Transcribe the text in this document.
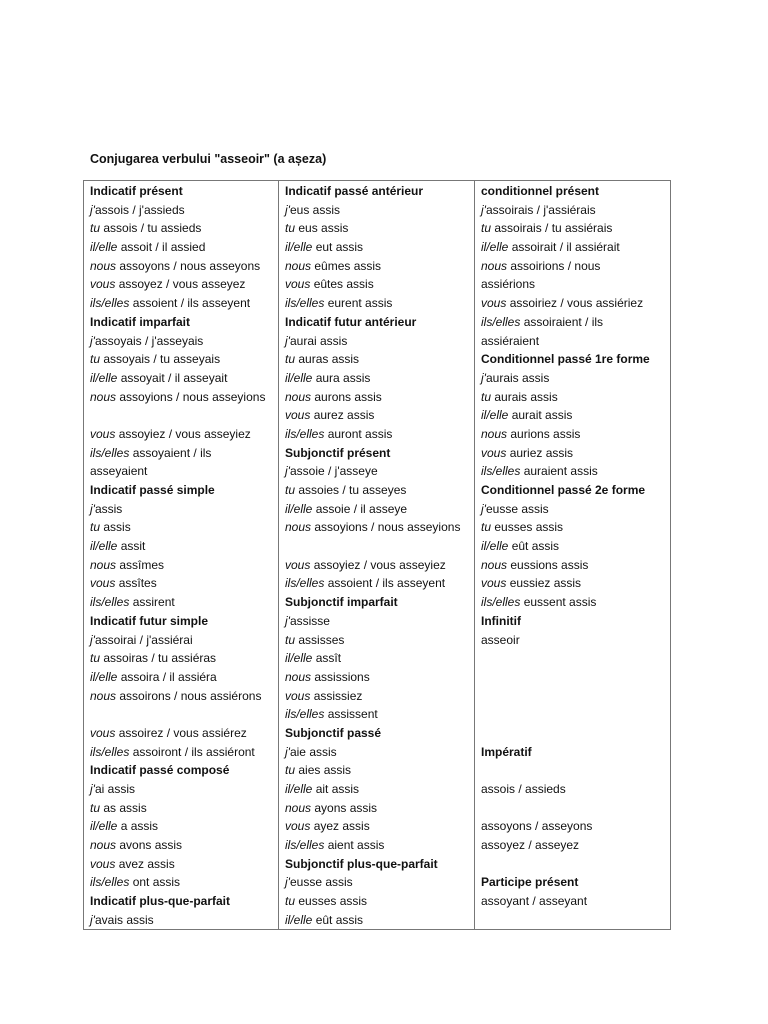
Conjugarea verbului "asseoir" (a așeza)
Indicatif présent
j'assois / j'assieds
tu assois / tu assieds
il/elle assoit / il assied
nous assoyons / nous asseyons
vous assoyez / vous asseyez
ils/elles assoient / ils asseyent
Indicatif imparfait
j'assoyais / j'asseyais
tu assoyais / tu asseyais
il/elle assoyait / il asseyait
nous assoyions / nous asseyions
vous assoyiez / vous asseyiez
ils/elles assoyaient / ils
asseyaient
Indicatif passé simple
j'assis
tu assis
il/elle assit
nous assîmes
vous assîtes
ils/elles assirent
Indicatif futur simple
j'assoirai / j'assiérai
tu assoiras / tu assiéras
il/elle assoira / il assiéra
nous assoirons / nous assiérons
vous assoirez / vous assiérez
ils/elles assoiront / ils assiéront
Indicatif passé composé
j'ai assis
tu as assis
il/elle a assis
nous avons assis
vous avez assis
ils/elles ont assis
Indicatif plus-que-parfait
j'avais assis
Indicatif passé antérieur
j'eus assis
tu eus assis
il/elle eut assis
nous eûmes assis
vous eûtes assis
ils/elles eurent assis
Indicatif futur antérieur
j'aurai assis
tu auras assis
il/elle aura assis
nous aurons assis
vous aurez assis
ils/elles auront assis
Subjonctif présent
j'assoie / j'asseye
tu assoies / tu asseyes
il/elle assoie / il asseye
nous assoyions / nous asseyions
vous assoyiez / vous asseyiez
ils/elles assoient / ils asseyent
Subjonctif imparfait
j'assisse
tu assisses
il/elle assît
nous assissions
vous assissiez
ils/elles assissent
Subjonctif passé
j'aie assis
tu aies assis
il/elle ait assis
nous ayons assis
vous ayez assis
ils/elles aient assis
Subjonctif plus-que-parfait
j'eusse assis
tu eusses assis
il/elle eût assis
conditionnel présent
j'assoirais / j'assiérais
tu assoirais / tu assiérais
il/elle assoirait / il assiérait
nous assoirions / nous
assiérions
vous assoiriez / vous assiériez
ils/elles assoiraient / ils
assiéraient
Conditionnel passé 1re forme
j'aurais assis
tu aurais assis
il/elle aurait assis
nous aurions assis
vous auriez assis
ils/elles auraient assis
Conditionnel passé 2e forme
j'eusse assis
tu eusses assis
il/elle eût assis
nous eussions assis
vous eussiez assis
ils/elles eussent assis
Infinitif
asseoir
Impératif
assois / assieds
assoyons / asseyons
assoyez / asseyez
Participe présent
assoyant / asseyant
